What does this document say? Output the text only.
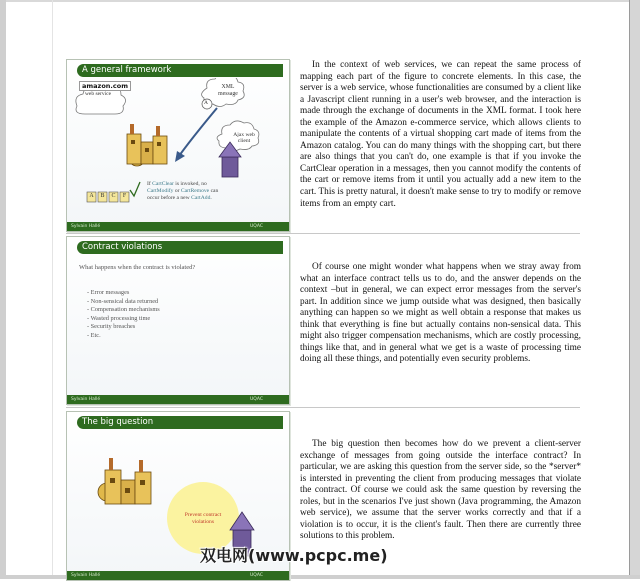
A general framework
amazon.com
web service
XML message
A
Ajax web client
A	B	C	F
If CartClear is invoked, no CartModify or CartRemove can occur before a new CartAdd.
Sylvain Hallé	UQAC

In the context of web services, we can repeat the same process of mapping each part of the figure to concrete elements. In this case, the server is a web service, whose functionalities are consumed by a client like a Javascript client running in a user's web browser, and the interaction is made through the exchange of documents in the XML format. I took here the example of the Amazon e-commerce service, which allows clients to manipulate the contents of a virtual shopping cart made of items from the Amazon catalog. You can do many things with the shopping cart, but there are also things that you can't do, one example is that if you invoke the CartClear operation in a messages, then you cannot modify the contents of the cart or remove items from it until you actually add a new item to the cart. This is pretty natural, it doesn't make sense to try to modify or remove items from an empty cart.

Contract violations
What happens when the contract is violated?
- Error messages
- Non-sensical data returned
- Compensation mechanisms
- Wasted processing time
- Security breaches
- Etc.
Sylvain Hallé	UQAC

Of course one might wonder what happens when we stray away from what an interface contract tells us to do, and the answer depends on the context –but in general, we can expect error messages from the server's part. In addition since we jump outside what was designed, then basically anything can happen so we might as well obtain a response that makes us think that everything is fine but actually contains non-sensical data. This might also trigger compensation mechanisms, which are costly processing, things like that, and in general what we get is a waste of processing time doing all these things, and potentially even security problems.

The big question
Prevent contract violations
Sylvain Hallé	UQAC

The big question then becomes how do we prevent a client-server exchange of messages from going outside the interface contract? In particular, we are asking this question from the server side, so the *server* is intersted in preventing the client from producing messages that violate the contract. Of course we could ask the same question by reversing the roles, but in the scenarios I've just shown (Java programming, the Amazon web service), we assume that the server works correctly and that if a violation is to occur, it is the client's fault. Then there are currently three solutions to this problem.

双电网(www.pcpc.me)
